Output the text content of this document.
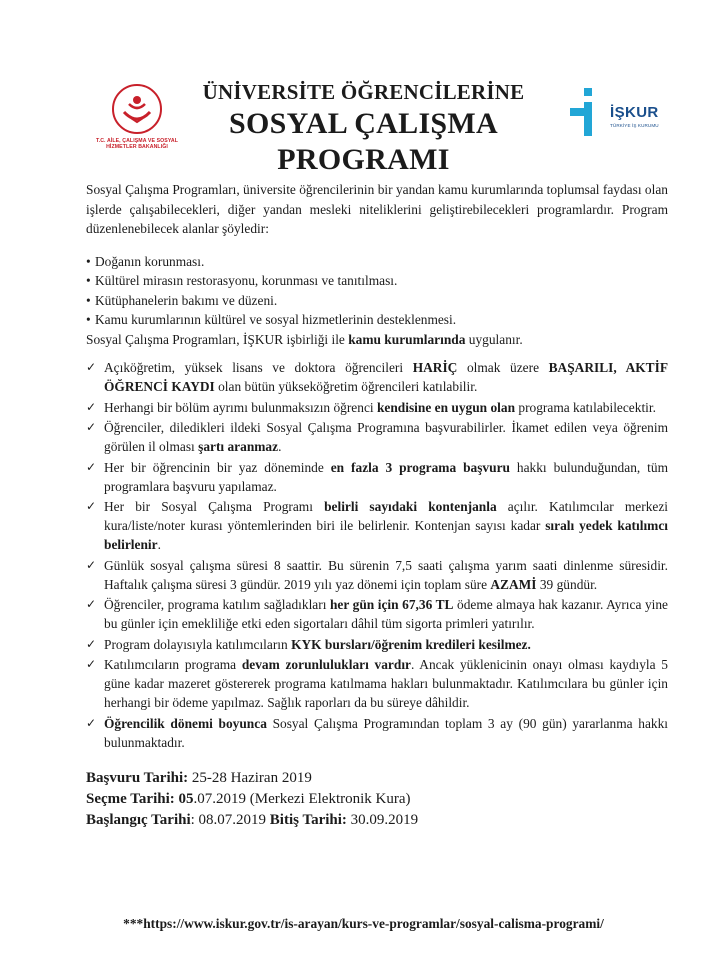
T.C. AİLE, ÇALIŞMA VE SOSYAL HİZMETLER BAKANLIĞI
İŞKUR
TÜRKİYE İŞ KURUMU
ÜNİVERSİTE ÖĞRENCİLERİNE
SOSYAL ÇALIŞMA
PROGRAMI

Sosyal Çalışma Programları, üniversite öğrencilerinin bir yandan kamu kurumlarında toplumsal faydası olan işlerde çalışabilecekleri, diğer yandan mesleki niteliklerini geliştirebilecekleri programlardır. Program düzenlenebilecek alanlar şöyledir:

• Doğanın korunması.
• Kültürel mirasın restorasyonu, korunması ve tanıtılması.
• Kütüphanelerin bakımı ve düzeni.
• Kamu kurumlarının kültürel ve sosyal hizmetlerinin desteklenmesi.

Sosyal Çalışma Programları, İŞKUR işbirliği ile kamu kurumlarında uygulanır.

✓ Açıköğretim, yüksek lisans ve doktora öğrencileri HARİÇ olmak üzere BAŞARILI, AKTİF ÖĞRENCİ KAYDI olan bütün yükseköğretim öğrencileri katılabilir.
✓ Herhangi bir bölüm ayrımı bulunmaksızın öğrenci kendisine en uygun olan programa katılabilecektir.
✓ Öğrenciler, diledikleri ildeki Sosyal Çalışma Programına başvurabilirler. İkamet edilen veya öğrenim görülen il olması şartı aranmaz.
✓ Her bir öğrencinin bir yaz döneminde en fazla 3 programa başvuru hakkı bulunduğundan, tüm programlara başvuru yapılamaz.
✓ Her bir Sosyal Çalışma Programı belirli sayıdaki kontenjanla açılır. Katılımcılar merkezi kura/liste/noter kurası yöntemlerinden biri ile belirlenir. Kontenjan sayısı kadar sıralı yedek katılımcı belirlenir.
✓ Günlük sosyal çalışma süresi 8 saattir. Bu sürenin 7,5 saati çalışma yarım saati dinlenme süresidir. Haftalık çalışma süresi 3 gündür. 2019 yılı yaz dönemi için toplam süre AZAMİ 39 gündür.
✓ Öğrenciler, programa katılım sağladıkları her gün için 67,36 TL ödeme almaya hak kazanır. Ayrıca yine bu günler için emekliliğe etki eden sigortaları dâhil tüm sigorta primleri yatırılır.
✓ Program dolayısıyla katılımcıların KYK bursları/öğrenim kredileri kesilmez.
✓ Katılımcıların programa devam zorunlulukları vardır. Ancak yüklenicinin onayı olması kaydıyla 5 güne kadar mazeret göstererek programa katılmama hakları bulunmaktadır. Katılımcılara bu günler için herhangi bir ödeme yapılmaz. Sağlık raporları da bu süreye dâhildir.
✓ Öğrencilik dönemi boyunca Sosyal Çalışma Programından toplam 3 ay (90 gün) yararlanma hakkı bulunmaktadır.
Başvuru Tarihi: 25-28 Haziran 2019
Seçme Tarihi: 05.07.2019 (Merkezi Elektronik Kura)
Başlangıç Tarihi: 08.07.2019 Bitiş Tarihi: 30.09.2019
***https://www.iskur.gov.tr/is-arayan/kurs-ve-programlar/sosyal-calisma-programi/
